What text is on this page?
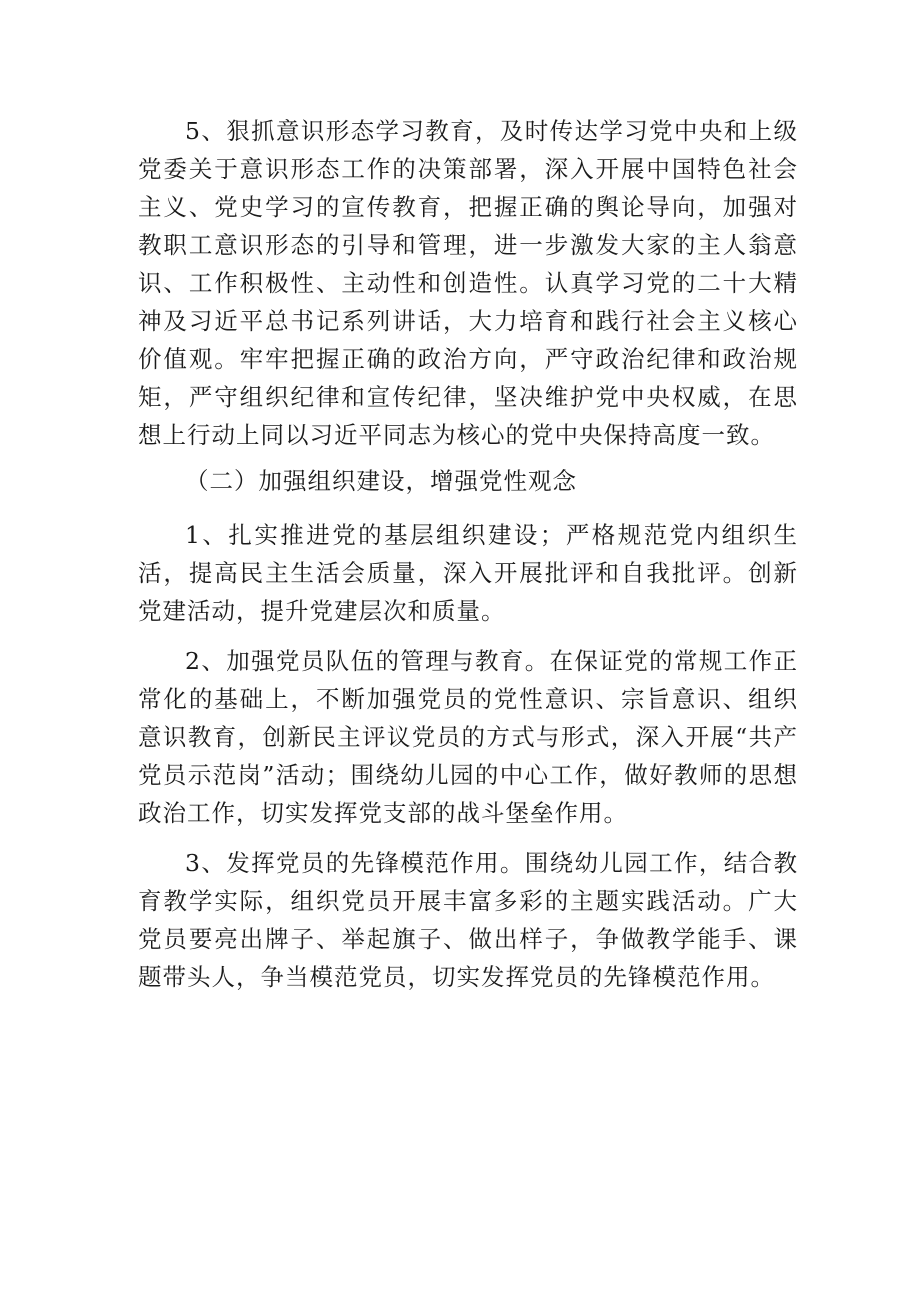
5、狠抓意识形态学习教育，及时传达学习党中央和上级党委关于意识形态工作的决策部署，深入开展中国特色社会主义、党史学习的宣传教育，把握正确的舆论导向，加强对教职工意识形态的引导和管理，进一步激发大家的主人翁意识、工作积极性、主动性和创造性。认真学习党的二十大精神及习近平总书记系列讲话，大力培育和践行社会主义核心价值观。牢牢把握正确的政治方向，严守政治纪律和政治规矩，严守组织纪律和宣传纪律，坚决维护党中央权威，在思想上行动上同以习近平同志为核心的党中央保持高度一致。

（二）加强组织建设，增强党性观念

1、扎实推进党的基层组织建设；严格规范党内组织生活，提高民主生活会质量，深入开展批评和自我批评。创新党建活动，提升党建层次和质量。

2、加强党员队伍的管理与教育。在保证党的常规工作正常化的基础上，不断加强党员的党性意识、宗旨意识、组织意识教育，创新民主评议党员的方式与形式，深入开展“共产党员示范岗”活动；围绕幼儿园的中心工作，做好教师的思想政治工作，切实发挥党支部的战斗堡垒作用。

3、发挥党员的先锋模范作用。围绕幼儿园工作，结合教育教学实际，组织党员开展丰富多彩的主题实践活动。广大党员要亮出牌子、举起旗子、做出样子，争做教学能手、课题带头人，争当模范党员，切实发挥党员的先锋模范作用。
